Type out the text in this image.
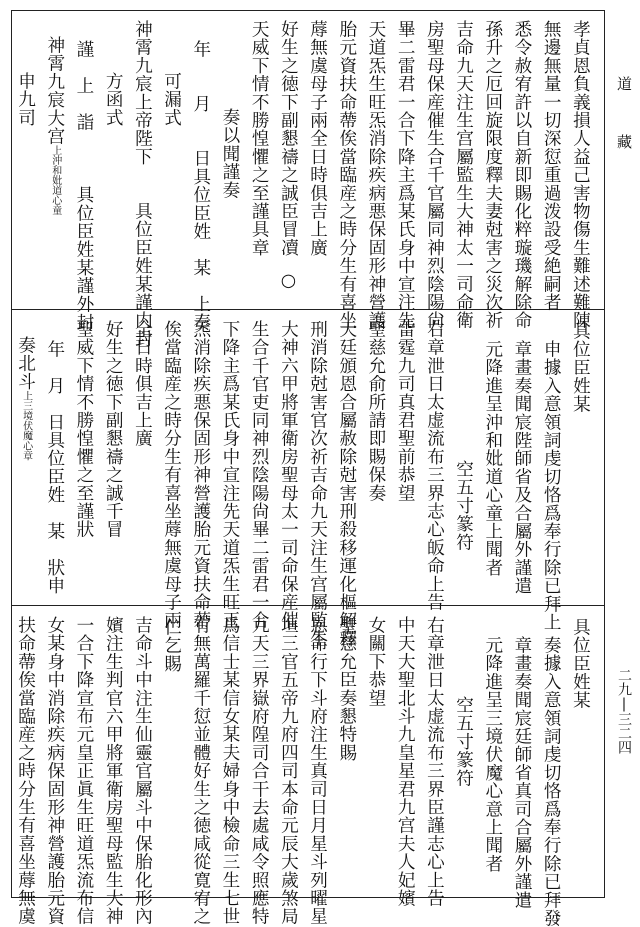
道　藏
二九|三二四
孝貞恩負義損人益己害物傷生難述難陳
無邊無量一切深愆重過泼設受絶嗣者
悉令赦宥許以自新即賜化粹璇璣解除命
孫升之厄回旋限度釋夫妻尅害之災次祈
吉命九天注生宫屬監生大神太一司命衛
房聖母保産催生合千官屬同神烈陰陽尙
畢二雷君一合下降主爲某氏身中宣注先
天道炁生旺炁消除疾病悪保固形神營護
胎元資扶命蔕俟當臨産之時分生有喜坐
蓐無虞母子兩全日時俱吉上廣
好生之徳下副懇禱之誠臣冒凟○
天威下情不勝惶懼之至謹具章
奏以聞謹奏
年　　月　　日具位臣姓　某　上奏
可漏式
神霄九宸上帝陛下　　具位臣姓某謹内封
方函式
謹　上　詣　　　具位臣姓某謹外封
神霄九宸大宫上沖和妣道心童
申九司
具位臣姓某
申據入意領詞虔切恪爲奉行除已拜上
章畫奏聞宸陛師省及合屬外謹遣
元降進呈沖和妣道心童上聞者
空五寸篆符
右章泄日太虚流布三界志心皈命上告
雷霆九司真君聖前恭望
聖慈允俞所請即賜保奏
天廷頒恩合屬赦除尅害刑殺移運化樞解釋
刑消除尅害官次祈吉命九天注生宫屬監生
大神六甲將軍衛房聖母太一司命保産催
生合千官吏同神烈陰陽尙畢二雷君一合
下降主爲某氏身中宣注先天道炁生旺正
炁消除疾悪保固形神營護胎元資扶命蔕
俟當臨産之時分生有喜坐蓐無虞母子兩
全日時俱吉上廣
好生之徳下副懇禱之誠千冒
聖威下情不勝惶懼之至謹狀
年　月　日具位臣姓　某　狀申
奏北斗上三境伏魔心章
具位臣姓某
奏據入意領詞虔切恪爲奉行除已拜發
章畫奏聞宸廷師省真司合屬外謹遣
元降進呈三境伏魔心意上聞者
空五寸篆符
右章泄日太虚流布三界臣謹志心上告
中天大聖北斗九皇星君九宫夫人妃嬪
女關下恭望
聖慈允臣奏懇特賜
恩命行下斗府注生真司日月星斗列曜星
垣三官五帝九府四司本命元辰大歲煞局
九天三界嶽府隍司合干去處咸令照應特
爲信士某信女某夫婦身中檢命三生七世
有無萬羅千愆並體好生之徳咸從寛宥之
仁乞賜
吉命斗中注生仙靈官屬斗中保胎化形內
嬪注生判官六甲將軍衛房聖母監生大神
一合下降宣布元皇正眞生旺道炁流布信
女某身中消除疾病保固形神營護胎元資
扶命蔕俟當臨産之時分生有喜坐蓐無虞
